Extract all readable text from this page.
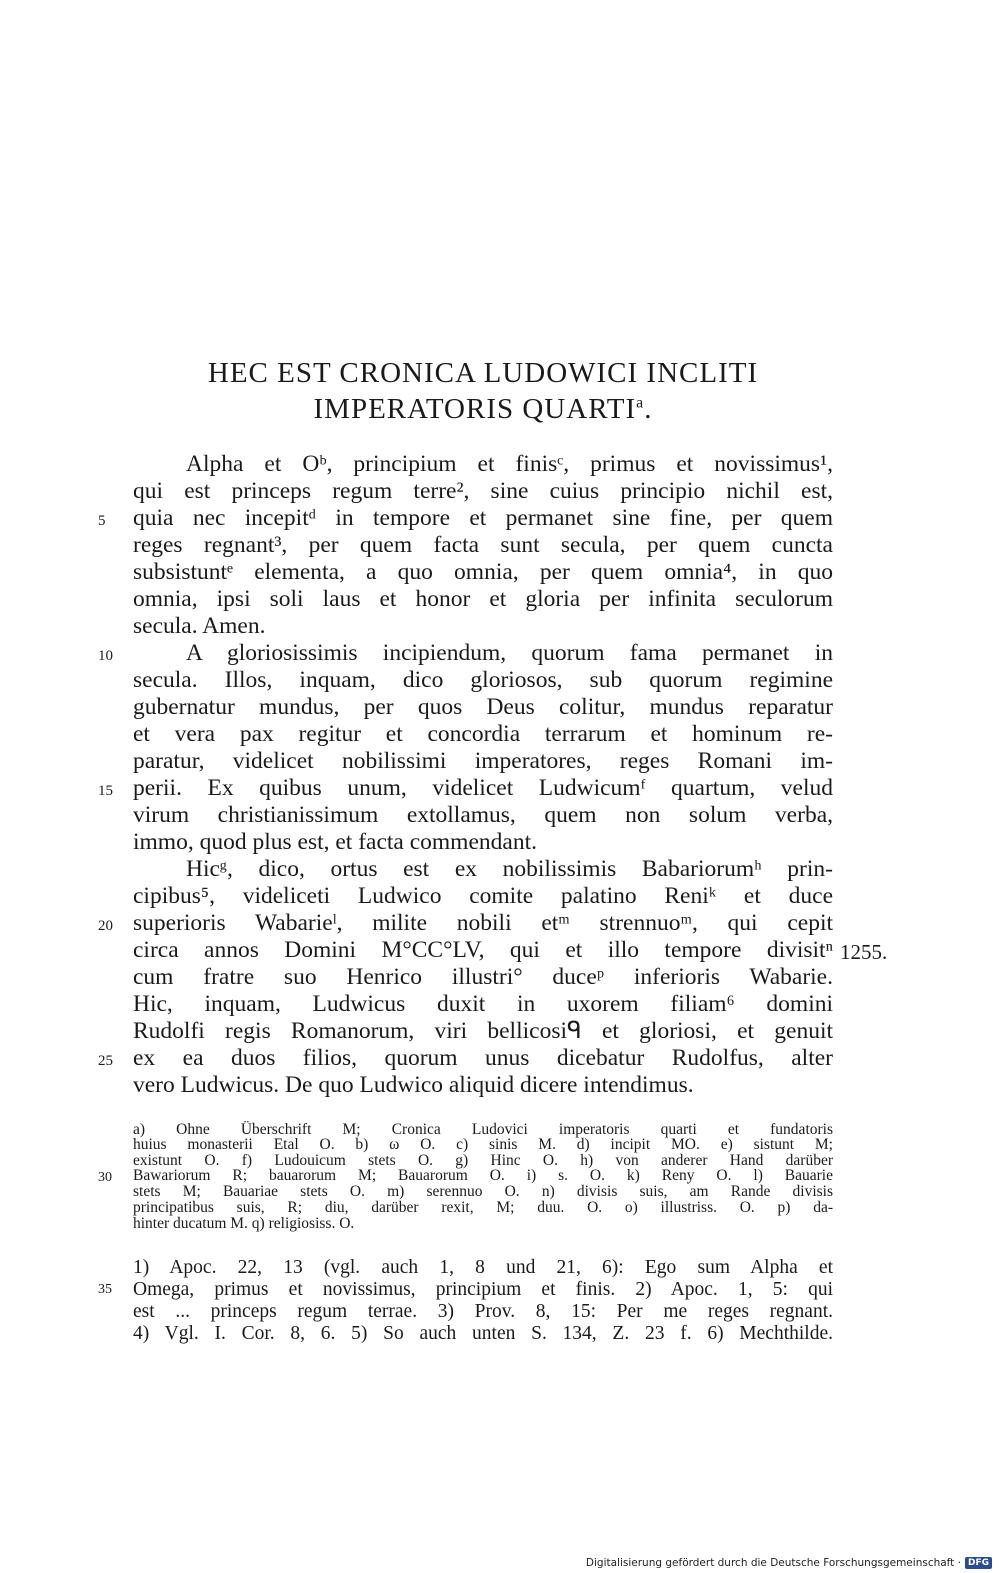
HEC EST CRONICA LUDOWICI INCLITI
IMPERATORIS QUARTI$^a$.
Alpha et Oᵇ, principium et finisᶜ, primus et novissimus¹,
qui est princeps regum terre², sine cuius principio nichil est,
quia nec incepitᵈ in tempore et permanet sine fine, per quem
reges regnant³, per quem facta sunt secula, per quem cuncta
subsistuntᵉ elementa, a quo omnia, per quem omnia⁴, in quo
omnia, ipsi soli laus et honor et gloria per infinita seculorum
secula. Amen.
A gloriosissimis incipiendum, quorum fama permanet in
secula. Illos, inquam, dico gloriosos, sub quorum regimine
gubernatur mundus, per quos Deus colitur, mundus reparatur
et vera pax regitur et concordia terrarum et hominum re-
paratur, videlicet nobilissimi imperatores, reges Romani im-
perii. Ex quibus unum, videlicet Ludwicumᶠ quartum, velud
virum christianissimum extollamus, quem non solum verba,
immo, quod plus est, et facta commendant.
Hicᵍ, dico, ortus est ex nobilissimis Babariorumʰ prin-
cipibus⁵, videliceti Ludwico comite palatino Reniᵏ et duce
superioris Wabarieˡ, milite nobili etᵐ strennuoᵐ, qui cepit
circa annos Domini M°CC°LV, qui et illo tempore divisitⁿ
cum fratre suo Henrico illustri° duceᵖ inferioris Wabarie.
Hic, inquam, Ludwicus duxit in uxorem filiam⁶ domini
Rudolfi regis Romanorum, viri bellicosiᑫ et gloriosi, et genuit
ex ea duos filios, quorum unus dicebatur Rudolfus, alter
vero Ludwicus. De quo Ludwico aliquid dicere intendimus.
5
10
15
20
25
1255.
a) Ohne Überschrift M; Cronica Ludovici imperatoris quarti et fundatoris
huius monasterii Etal O. b) ω O. c) sinis M. d) incipit MO. e) sistunt M;
existunt O. f) Ludouicum stets O. g) Hinc O. h) von anderer Hand darüber
Bawariorum R; bauarorum M; Bauarorum O. i) s. O. k) Reny O. l) Bauarie
stets M; Bauariae stets O. m) serennuo O. n) divisis suis, am Rande divisis
principatibus suis, R; diu, darüber rexit, M; duu. O. o) illustriss. O. p) da-
hinter ducatum M. q) religiosiss. O.
30
1) Apoc. 22, 13 (vgl. auch 1, 8 und 21, 6): Ego sum Alpha et
Omega, primus et novissimus, principium et finis. 2) Apoc. 1, 5: qui
est ... princeps regum terrae. 3) Prov. 8, 15: Per me reges regnant.
4) Vgl. I. Cor. 8, 6. 5) So auch unten S. 134, Z. 23 f. 6) Mechthilde.
35
Digitalisierung gefördert durch die Deutsche Forschungsgemeinschaft · DFG
